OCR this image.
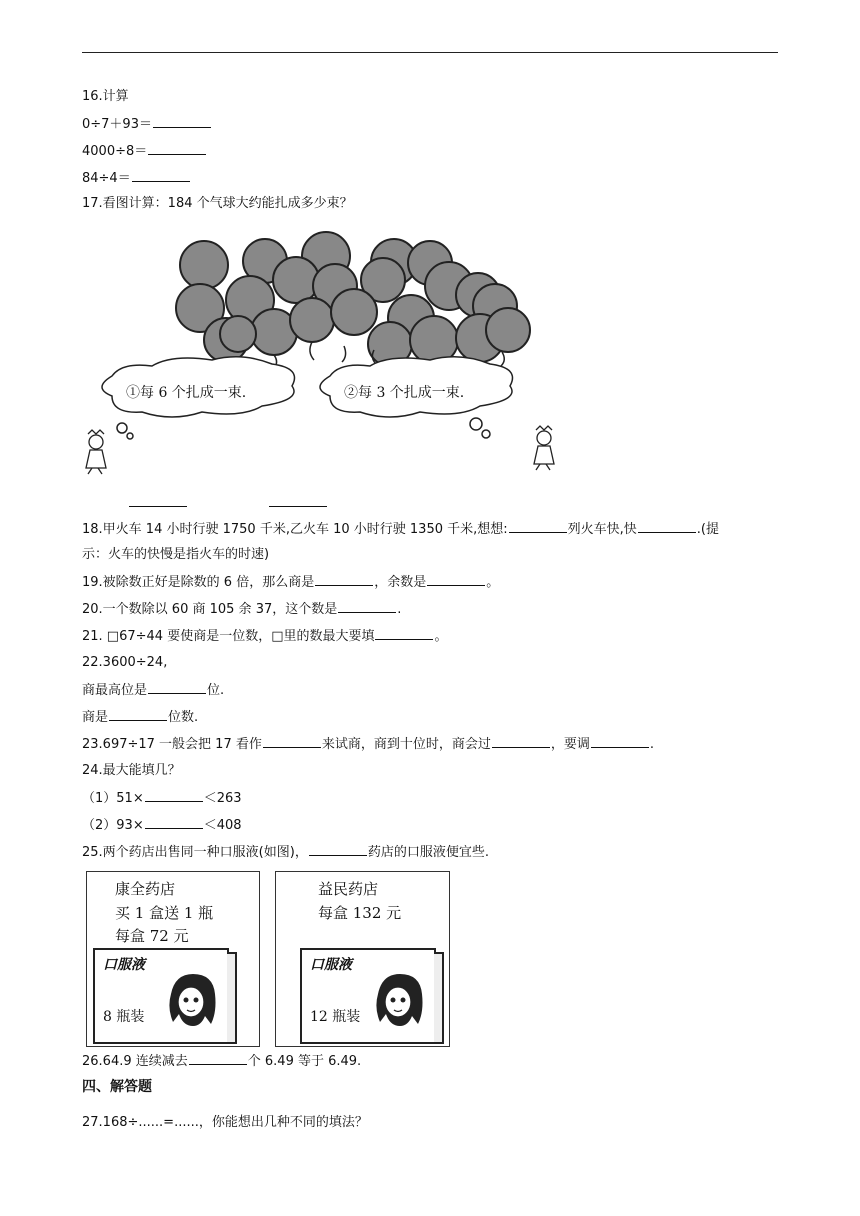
16.计算
0÷7＋93＝
4000÷8＝
84÷4＝
17.看图计算：184 个气球大约能扎成多少束？
①每 6 个扎成一束.	②每 3 个扎成一束.
18.甲火车 14 小时行驶 1750 千米,乙火车 10 小时行驶 1350 千米,想想:	列火车快,快	.(提
示：火车的快慢是指火车的时速)
19.被除数正好是除数的 6 倍，那么商是	，余数是	。
20.一个数除以 60 商 105 余 37，这个数是	.
21. □67÷44 要使商是一位数，□里的数最大要填	。
22.3600÷24,
商最高位是	位.
商是	位数.
23.697÷17 一般会把 17 看作	来试商，商到十位时，商会过	，要调	.
24.最大能填几？
（1）51×	＜263
（2）93×	＜408
25.两个药店出售同一种口服液(如图)，	药店的口服液便宜些.
康全药店
买 1 盒送 1 瓶
每盒 72 元
口服液
8 瓶装
益民药店
每盒 132 元
口服液
12 瓶装
26.64.9 连续减去	个 6.49 等于 6.49.
四、解答题
27.168÷......=......，你能想出几种不同的填法？
